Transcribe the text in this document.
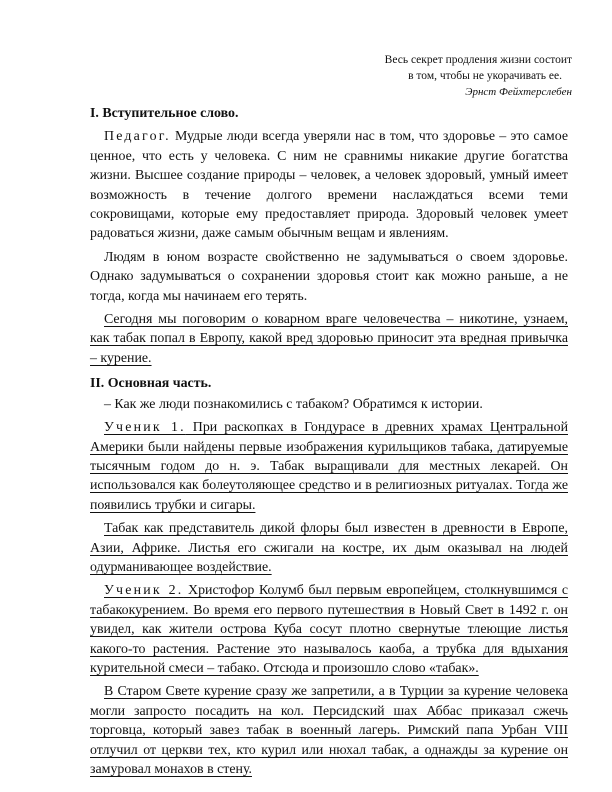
Весь секрет продления жизни состоит
в том, чтобы не укорачивать ее.
Эрнст Фейхтерслебен
I. Вступительное слово.

Педагог. Мудрые люди всегда уверяли нас в том, что здоровье – это самое ценное, что есть у человека. С ним не сравнимы никакие другие богатства жизни. Высшее создание природы – человек, а человек здоровый, умный имеет возможность в течение долгого времени наслаждаться всеми теми сокровищами, которые ему предоставляет природа. Здоровый человек умеет радоваться жизни, даже самым обычным вещам и явлениям.

Людям в юном возрасте свойственно не задумываться о своем здоровье. Однако задумываться о сохранении здоровья стоит как можно раньше, а не тогда, когда мы начинаем его терять.

Сегодня мы поговорим о коварном враге человечества – никотине, узнаем, как табак попал в Европу, какой вред здоровью приносит эта вредная привычка – курение.

II. Основная часть.

– Как же люди познакомились с табаком? Обратимся к истории.

Ученик 1. При раскопках в Гондурасе в древних храмах Центральной Америки были найдены первые изображения курильщиков табака, датируемые тысячным годом до н. э. Табак выращивали для местных лекарей. Он использовался как болеутоляющее средство и в религиозных ритуалах. Тогда же появились трубки и сигары.

Табак как представитель дикой флоры был известен в древности в Европе, Азии, Африке. Листья его сжигали на костре, их дым оказывал на людей одурманивающее воздействие.

Ученик 2. Христофор Колумб был первым европейцем, столкнувшимся с табакокурением. Во время его первого путешествия в Новый Свет в 1492 г. он увидел, как жители острова Куба сосут плотно свернутые тлеющие листья какого-то растения. Растение это называлось каоба, а трубка для вдыхания курительной смеси – табако. Отсюда и произошло слово «табак».

В Старом Свете курение сразу же запретили, а в Турции за курение человека могли запросто посадить на кол. Персидский шах Аббас приказал сжечь торговца, который завез табак в военный лагерь. Римский папа Урбан VIII отлучил от церкви тех, кто курил или нюхал табак, а однажды за курение он замуровал монахов в стену.
